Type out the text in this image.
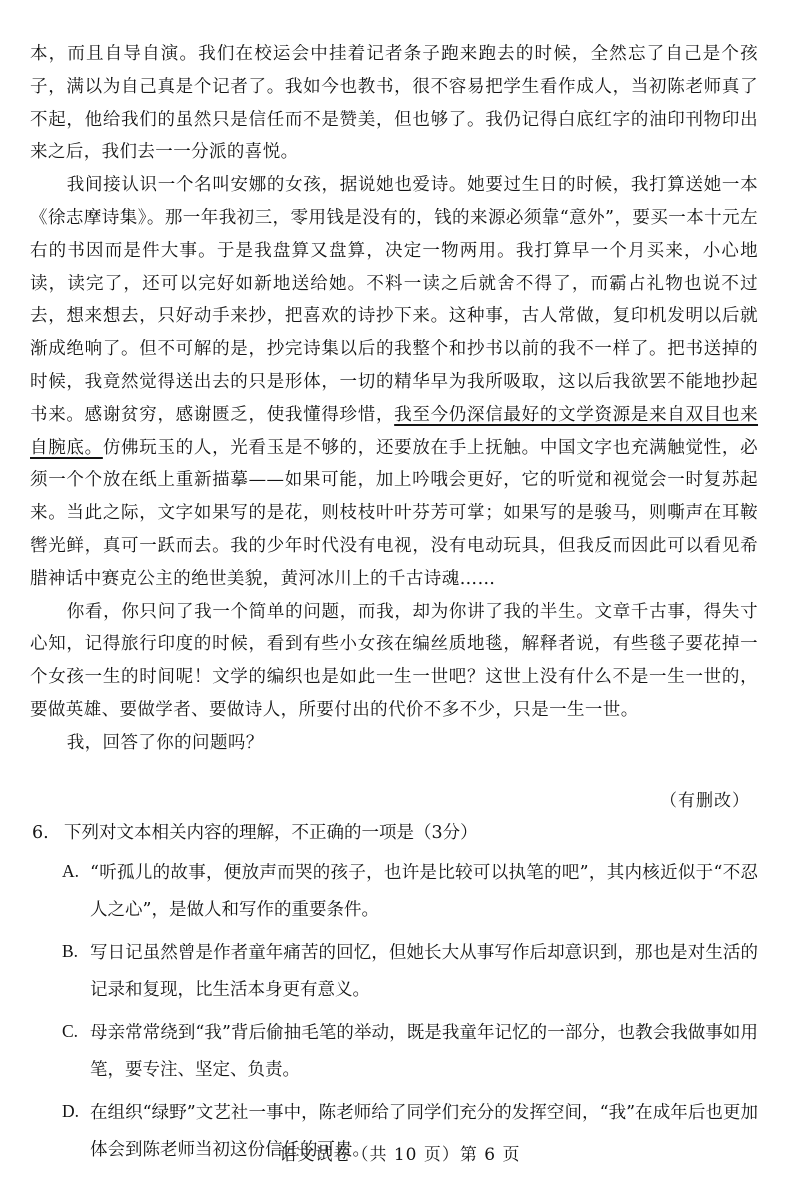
本，而且自导自演。我们在校运会中挂着记者条子跑来跑去的时候，全然忘了自己是个孩子，满以为自己真是个记者了。我如今也教书，很不容易把学生看作成人，当初陈老师真了不起，他给我们的虽然只是信任而不是赞美，但也够了。我仍记得白底红字的油印刊物印出来之后，我们去一一分派的喜悦。

我间接认识一个名叫安娜的女孩，据说她也爱诗。她要过生日的时候，我打算送她一本《徐志摩诗集》。那一年我初三，零用钱是没有的，钱的来源必须靠“意外”，要买一本十元左右的书因而是件大事。于是我盘算又盘算，决定一物两用。我打算早一个月买来，小心地读，读完了，还可以完好如新地送给她。不料一读之后就舍不得了，而霸占礼物也说不过去，想来想去，只好动手来抄，把喜欢的诗抄下来。这种事，古人常做，复印机发明以后就渐成绝响了。但不可解的是，抄完诗集以后的我整个和抄书以前的我不一样了。把书送掉的时候，我竟然觉得送出去的只是形体，一切的精华早为我所吸取，这以后我欲罢不能地抄起书来。感谢贫穷，感谢匮乏，使我懂得珍惜，我至今仍深信最好的文学资源是来自双目也来自腕底。仿佛玩玉的人，光看玉是不够的，还要放在手上抚触。中国文字也充满触觉性，必须一个个放在纸上重新描摹——如果可能，加上吟哦会更好，它的听觉和视觉会一时复苏起来。当此之际，文字如果写的是花，则枝枝叶叶芬芳可掌；如果写的是骏马，则嘶声在耳鞍辔光鲜，真可一跃而去。我的少年时代没有电视，没有电动玩具，但我反而因此可以看见希腊神话中赛克公主的绝世美貌，黄河冰川上的千古诗魂……

你看，你只问了我一个简单的问题，而我，却为你讲了我的半生。文章千古事，得失寸心知，记得旅行印度的时候，看到有些小女孩在编丝质地毯，解释者说，有些毯子要花掉一个女孩一生的时间呢！文学的编织也是如此一生一世吧？这世上没有什么不是一生一世的，要做英雄、要做学者、要做诗人，所要付出的代价不多不少，只是一生一世。

我，回答了你的问题吗？

（有删改）
6. 下列对文本相关内容的理解，不正确的一项是（3分）
A. “听孤儿的故事，便放声而哭的孩子，也许是比较可以执笔的吧”，其内核近似于“不忍人之心”，是做人和写作的重要条件。
B. 写日记虽然曾是作者童年痛苦的回忆，但她长大从事写作后却意识到，那也是对生活的记录和复现，比生活本身更有意义。
C. 母亲常常绕到“我”背后偷抽毛笔的举动，既是我童年记忆的一部分，也教会我做事如用笔，要专注、坚定、负责。
D. 在组织“绿野”文艺社一事中，陈老师给了同学们充分的发挥空间，“我”在成年后也更加体会到陈老师当初这份信任的可贵。
语文试卷（共 10 页）第 6 页
